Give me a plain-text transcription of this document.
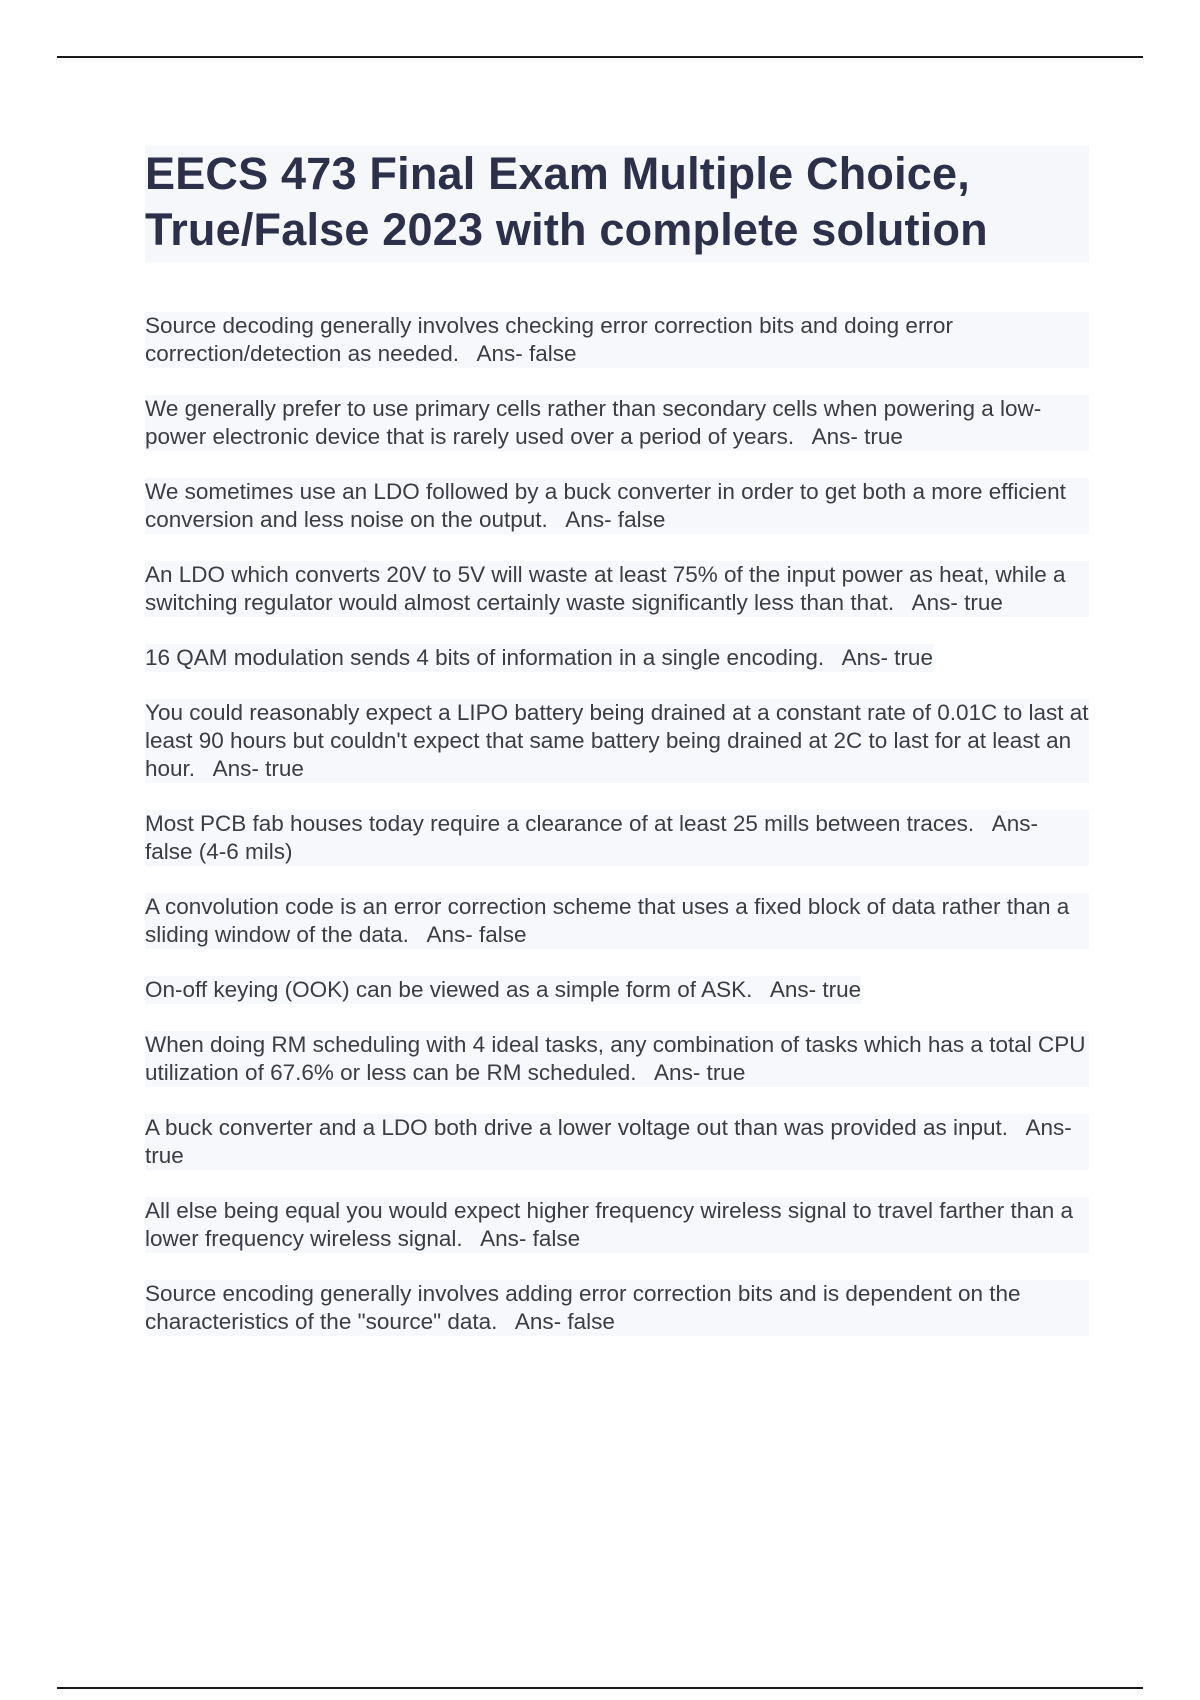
EECS 473 Final Exam Multiple Choice, True/False 2023 with complete solution
Source decoding generally involves checking error correction bits and doing error correction/detection as needed. Ans- false
We generally prefer to use primary cells rather than secondary cells when powering a low-power electronic device that is rarely used over a period of years. Ans- true
We sometimes use an LDO followed by a buck converter in order to get both a more efficient conversion and less noise on the output. Ans- false
An LDO which converts 20V to 5V will waste at least 75% of the input power as heat, while a switching regulator would almost certainly waste significantly less than that. Ans- true
16 QAM modulation sends 4 bits of information in a single encoding. Ans- true
You could reasonably expect a LIPO battery being drained at a constant rate of 0.01C to last at least 90 hours but couldn't expect that same battery being drained at 2C to last for at least an hour. Ans- true
Most PCB fab houses today require a clearance of at least 25 mills between traces. Ans- false (4-6 mils)
A convolution code is an error correction scheme that uses a fixed block of data rather than a sliding window of the data. Ans- false
On-off keying (OOK) can be viewed as a simple form of ASK. Ans- true
When doing RM scheduling with 4 ideal tasks, any combination of tasks which has a total CPU utilization of 67.6% or less can be RM scheduled. Ans- true
A buck converter and a LDO both drive a lower voltage out than was provided as input. Ans- true
All else being equal you would expect higher frequency wireless signal to travel farther than a lower frequency wireless signal. Ans- false
Source encoding generally involves adding error correction bits and is dependent on the characteristics of the "source" data. Ans- false
